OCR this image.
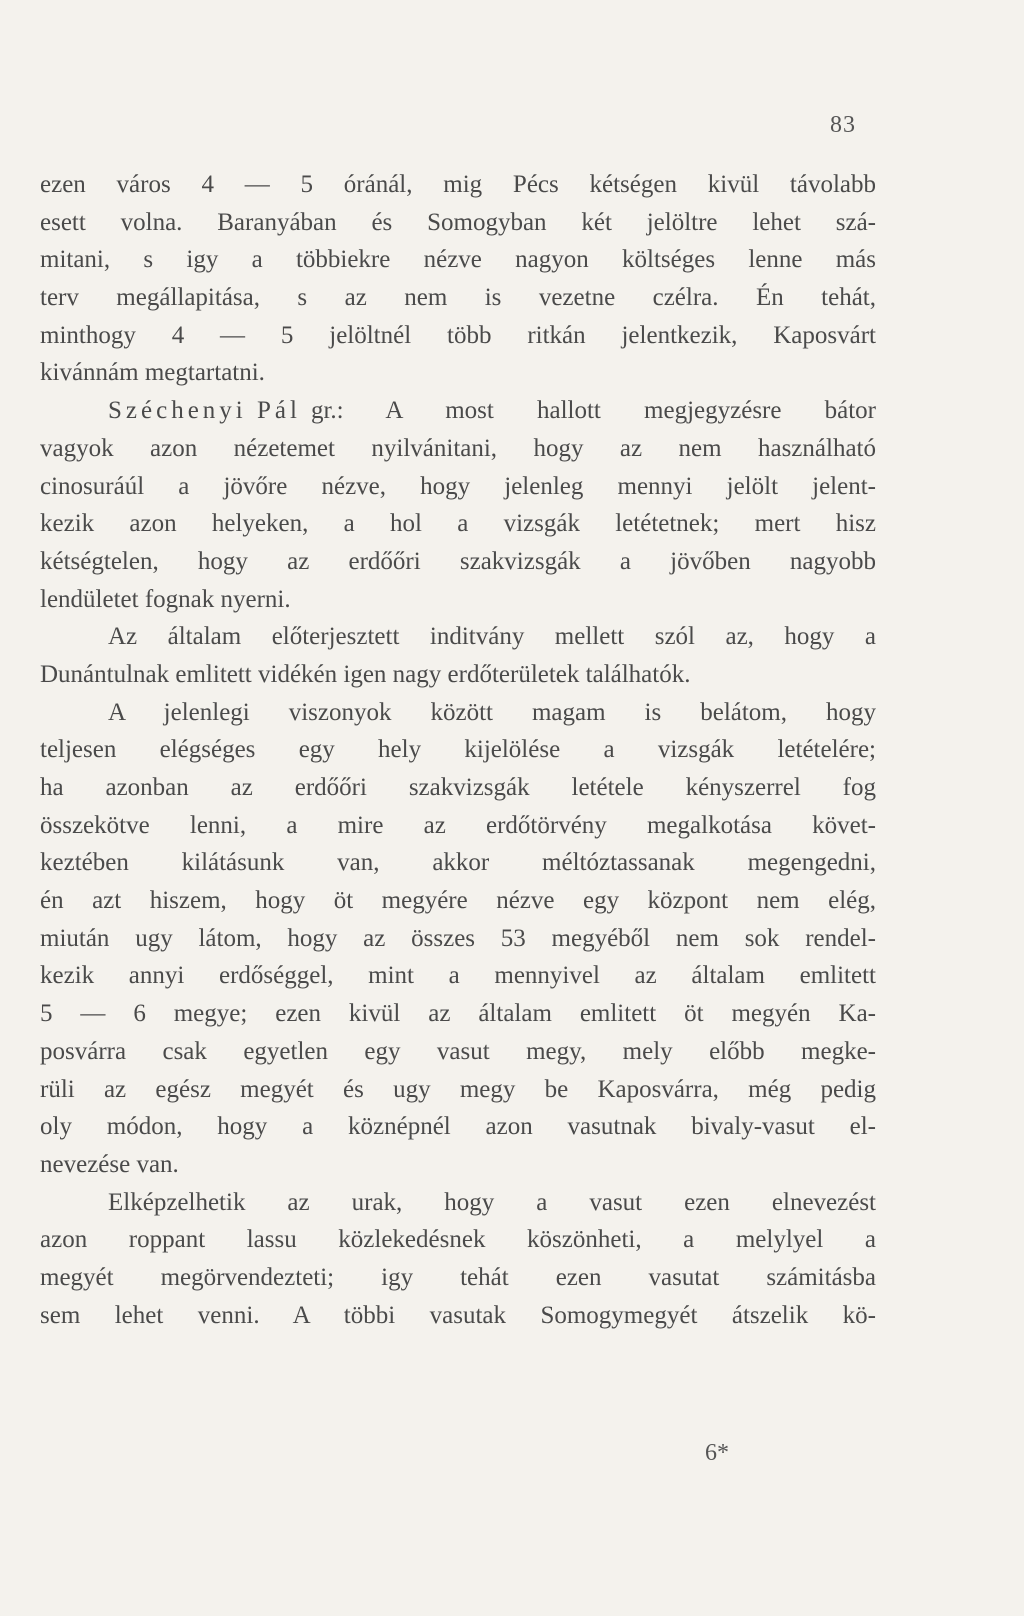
83
ezen város 4 — 5 óránál, mig Pécs kétségen kivül távolabb
esett volna. Baranyában és Somogyban két jelöltre lehet szá-
mitani, s igy a többiekre nézve nagyon költséges lenne más
terv megállapitása, s az nem is vezetne czélra. Én tehát,
minthogy 4 — 5 jelöltnél több ritkán jelentkezik, Kaposvárt
kivánnám megtartatni.
Széchenyi Pál gr.: A most hallott megjegyzésre bátor
vagyok azon nézetemet nyilvánitani, hogy az nem használható
cinosuráúl a jövőre nézve, hogy jelenleg mennyi jelölt jelent-
kezik azon helyeken, a hol a vizsgák letétetnek; mert hisz
kétségtelen, hogy az erdőőri szakvizsgák a jövőben nagyobb
lendületet fognak nyerni.
Az általam előterjesztett inditvány mellett szól az, hogy a
Dunántulnak emlitett vidékén igen nagy erdőterületek találhatók.
A jelenlegi viszonyok között magam is belátom, hogy
teljesen elégséges egy hely kijelölése a vizsgák letételére;
ha azonban az erdőőri szakvizsgák letétele kényszerrel fog
összekötve lenni, a mire az erdőtörvény megalkotása követ-
keztében kilátásunk van, akkor méltóztassanak megengedni,
én azt hiszem, hogy öt megyére nézve egy központ nem elég,
miután ugy látom, hogy az összes 53 megyéből nem sok rendel-
kezik annyi erdőséggel, mint a mennyivel az általam emlitett
5 — 6 megye; ezen kivül az általam emlitett öt megyén Ka-
posvárra csak egyetlen egy vasut megy, mely előbb megke-
rüli az egész megyét és ugy megy be Kaposvárra, még pedig
oly módon, hogy a köznépnél azon vasutnak bivaly-vasut el-
nevezése van.
Elképzelhetik az urak, hogy a vasut ezen elnevezést
azon roppant lassu közlekedésnek köszönheti, a melylyel a
megyét megörvendezteti; igy tehát ezen vasutat számitásba
sem lehet venni. A többi vasutak Somogymegyét átszelik kö-
6*
